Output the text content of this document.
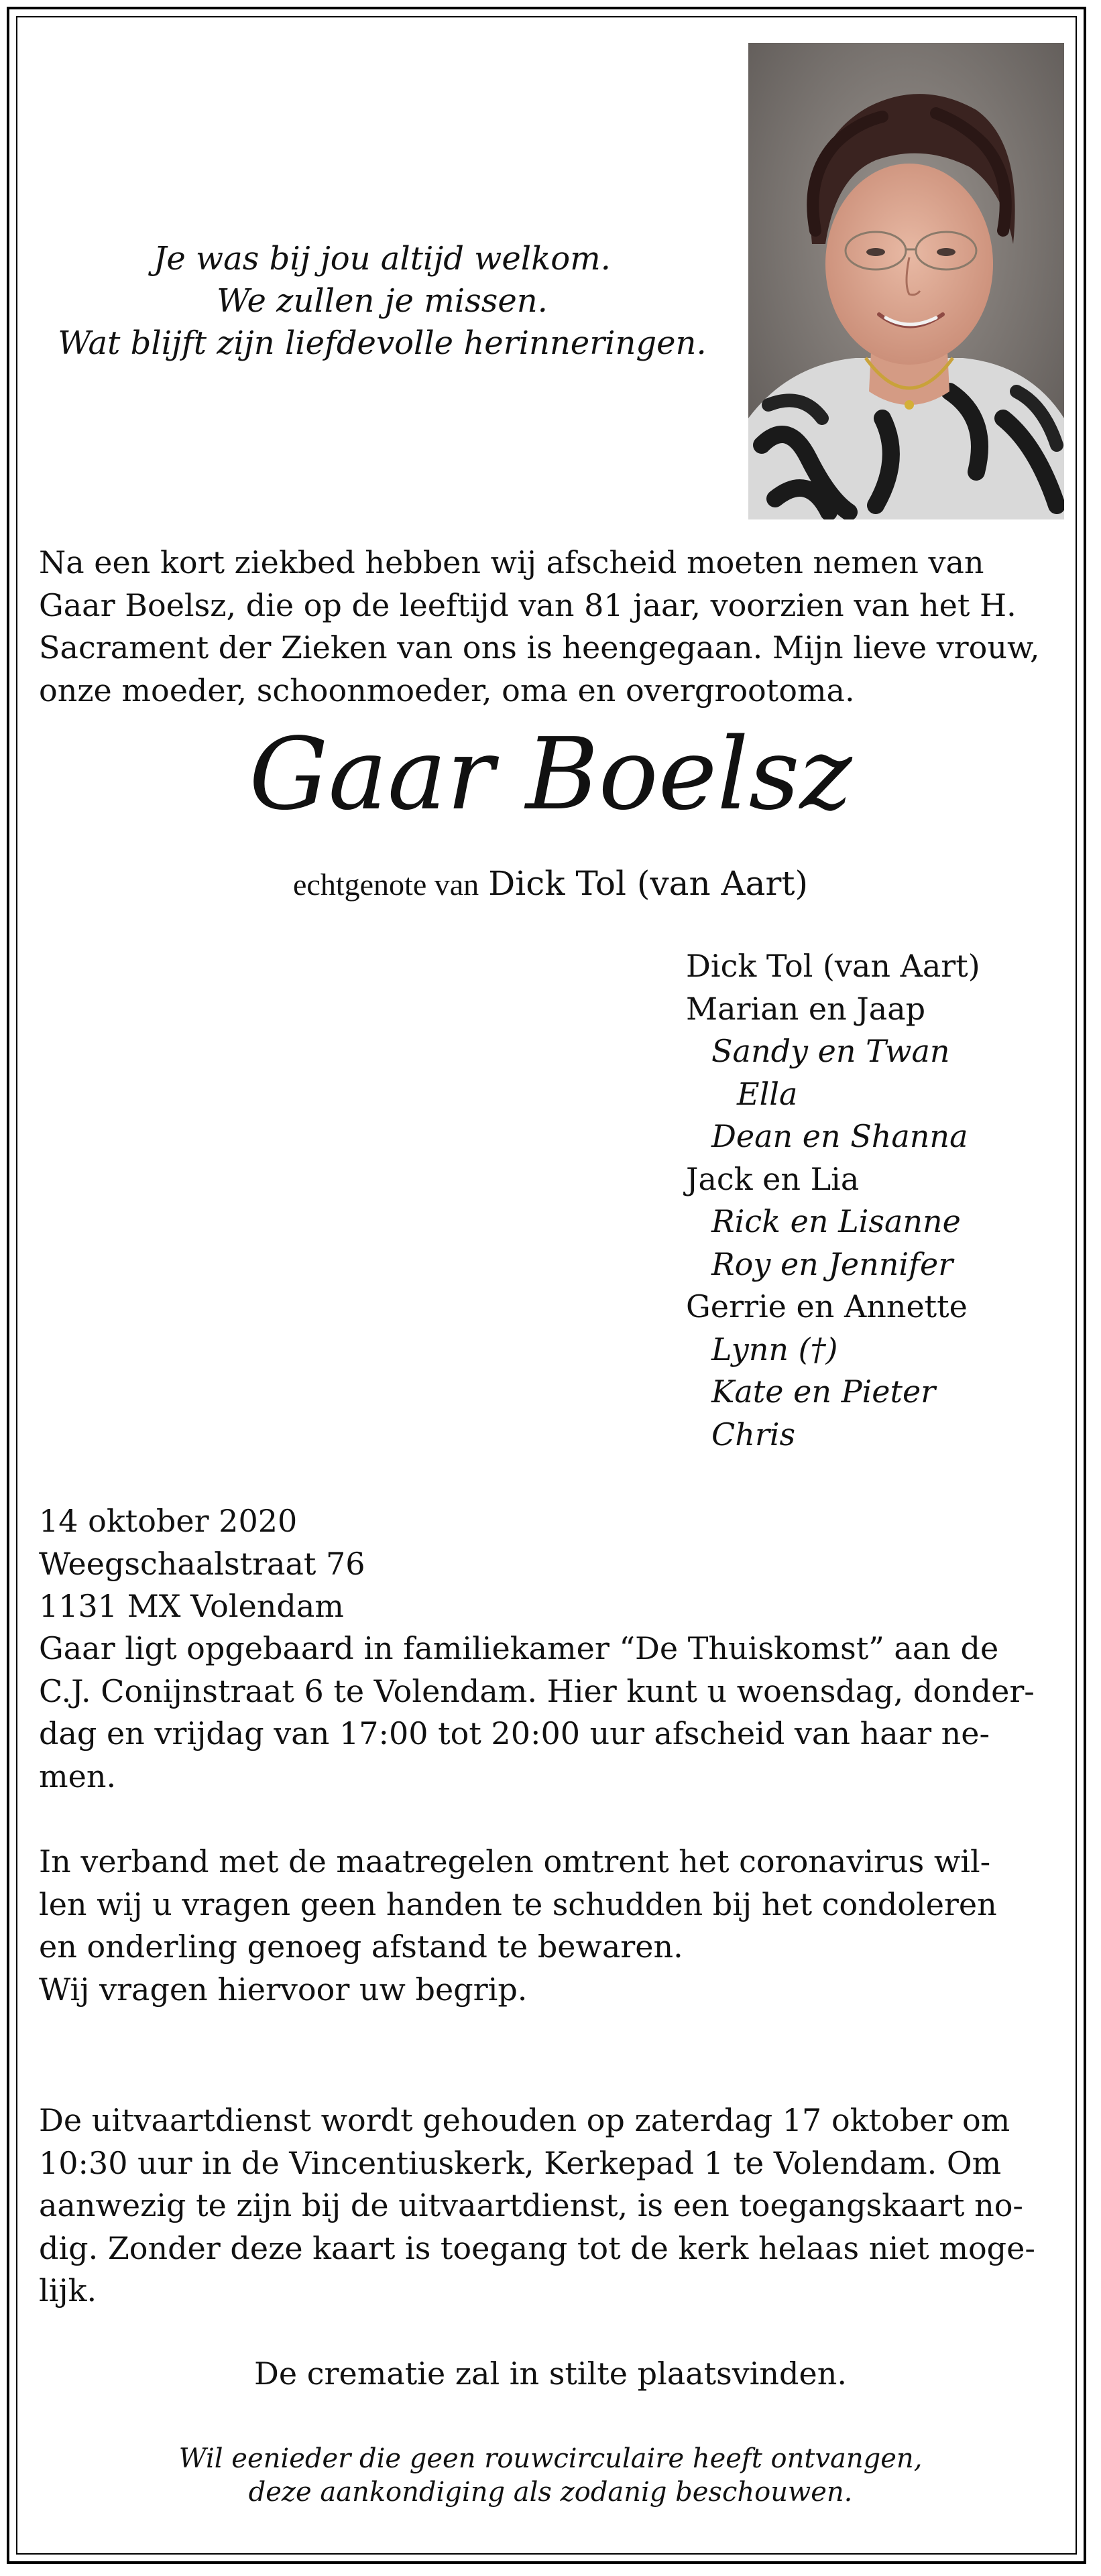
Je was bij jou altijd welkom.
We zullen je missen.
Wat blijft zijn liefdevolle herinneringen.
Na een kort ziekbed hebben wij afscheid moeten nemen van
Gaar Boelsz, die op de leeftijd van 81 jaar, voorzien van het H.
Sacrament der Zieken van ons is heengegaan. Mijn lieve vrouw,
onze moeder, schoonmoeder, oma en overgrootoma.
Gaar Boelsz
echtgenote van Dick Tol (van Aart)
Dick Tol (van Aart)
Marian en Jaap
Sandy en Twan
Ella
Dean en Shanna
Jack en Lia
Rick en Lisanne
Roy en Jennifer
Gerrie en Annette
Lynn (†)
Kate en Pieter
Chris
14 oktober 2020
Weegschaalstraat 76
1131 MX Volendam
Gaar ligt opgebaard in familiekamer “De Thuiskomst” aan de
C.J. Conijnstraat 6 te Volendam. Hier kunt u woensdag, donder-
dag en vrijdag van 17:00 tot 20:00 uur afscheid van haar ne-
men.
In verband met de maatregelen omtrent het coronavirus wil-
len wij u vragen geen handen te schudden bij het condoleren
en onderling genoeg afstand te bewaren.
Wij vragen hiervoor uw begrip.
De uitvaartdienst wordt gehouden op zaterdag 17 oktober om
10:30 uur in de Vincentiuskerk, Kerkepad 1 te Volendam. Om
aanwezig te zijn bij de uitvaartdienst, is een toegangskaart no-
dig. Zonder deze kaart is toegang tot de kerk helaas niet moge-
lijk.
De crematie zal in stilte plaatsvinden.
Wil eenieder die geen rouwcirculaire heeft ontvangen,
deze aankondiging als zodanig beschouwen.
